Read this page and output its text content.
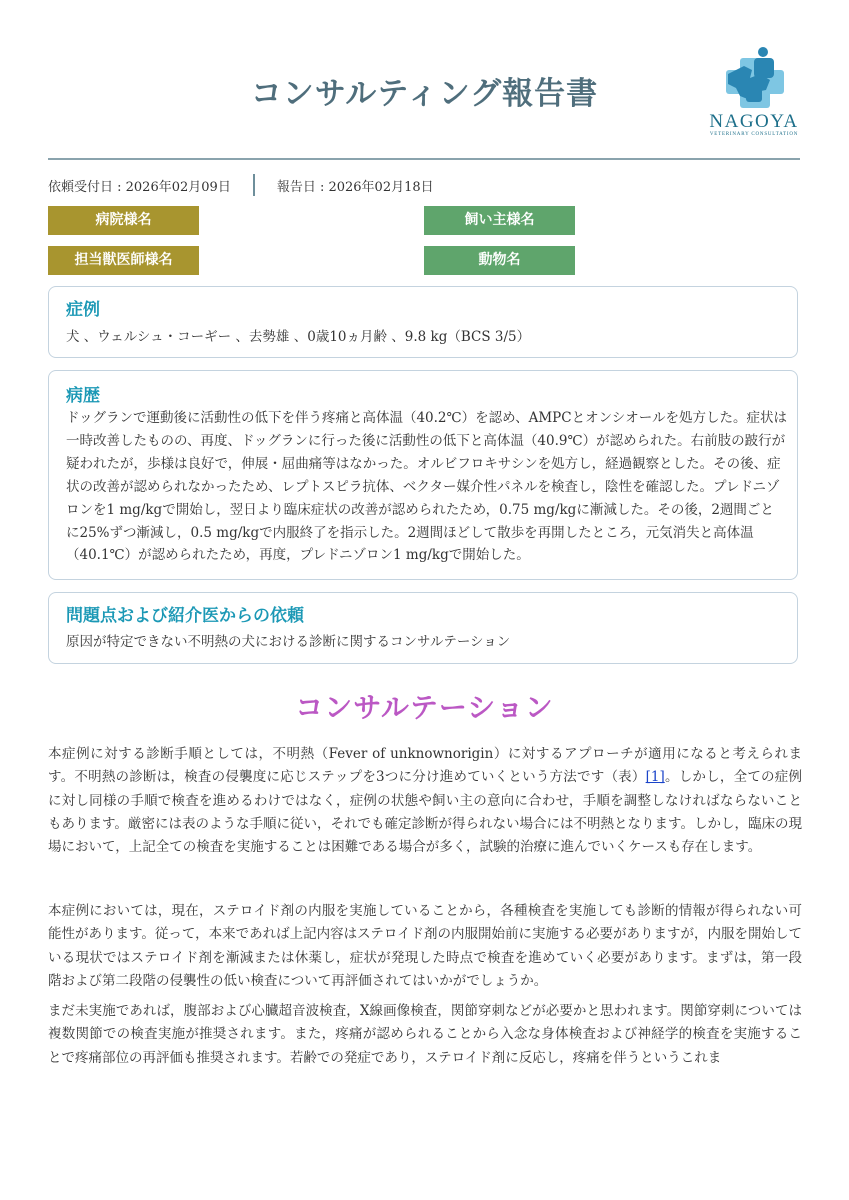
コンサルティング報告書
NAGOYA
VETERINARY CONSULTATION
依頼受付日 : 2026年02月09日	報告日 : 2026年02月18日
病院様名	飼い主様名
担当獣医師様名	動物名
症例

犬 、ウェルシュ・コーギー 、去勢雄 、0歳10ヵ月齢 、9.8 kg（BCS 3/5）

病歴

ドッグランで運動後に活動性の低下を伴う疼痛と高体温（40.2℃）を認め、AMPCとオンシオールを処方した。症状は一時改善したものの、再度、ドッグランに行った後に活動性の低下と高体温（40.9℃）が認められた。右前肢の跛行が疑われたが，歩様は良好で，伸展・屈曲痛等はなかった。オルビフロキサシンを処方し，経過観察とした。その後、症状の改善が認められなかったため、レプトスピラ抗体、ベクター媒介性パネルを検査し，陰性を確認した。プレドニゾロンを1 mg/kgで開始し，翌日より臨床症状の改善が認められたため，0.75 mg/kgに漸減した。その後，2週間ごとに25%ずつ漸減し，0.5 mg/kgで内服終了を指示した。2週間ほどして散歩を再開したところ，元気消失と高体温（40.1℃）が認められたため，再度，プレドニゾロン1 mg/kgで開始した。

問題点および紹介医からの依頼

原因が特定できない不明熱の犬における診断に関するコンサルテーション

コンサルテーション

本症例に対する診断手順としては，不明熱（Fever of unknownorigin）に対するアプローチが適用になると考えられます。不明熱の診断は，検査の侵襲度に応じステップを3つに分け進めていくという方法です（表）[1]。しかし，全ての症例に対し同様の手順で検査を進めるわけではなく，症例の状態や飼い主の意向に合わせ，手順を調整しなければならないこともあります。厳密には表のような手順に従い，それでも確定診断が得られない場合には不明熱となります。しかし，臨床の現場において，上記全ての検査を実施することは困難である場合が多く，試験的治療に進んでいくケースも存在します。

本症例においては，現在，ステロイド剤の内服を実施していることから，各種検査を実施しても診断的情報が得られない可能性があります。従って，本来であれば上記内容はステロイド剤の内服開始前に実施する必要がありますが，内服を開始している現状ではステロイド剤を漸減または休薬し，症状が発現した時点で検査を進めていく必要があります。まずは，第一段階および第二段階の侵襲性の低い検査について再評価されてはいかがでしょうか。

まだ未実施であれば，腹部および心臓超音波検査，X線画像検査，関節穿刺などが必要かと思われます。関節穿刺については複数関節での検査実施が推奨されます。また，疼痛が認められることから入念な身体検査および神経学的検査を実施することで疼痛部位の再評価も推奨されます。若齢での発症であり，ステロイド剤に反応し，疼痛を伴うというこれま
